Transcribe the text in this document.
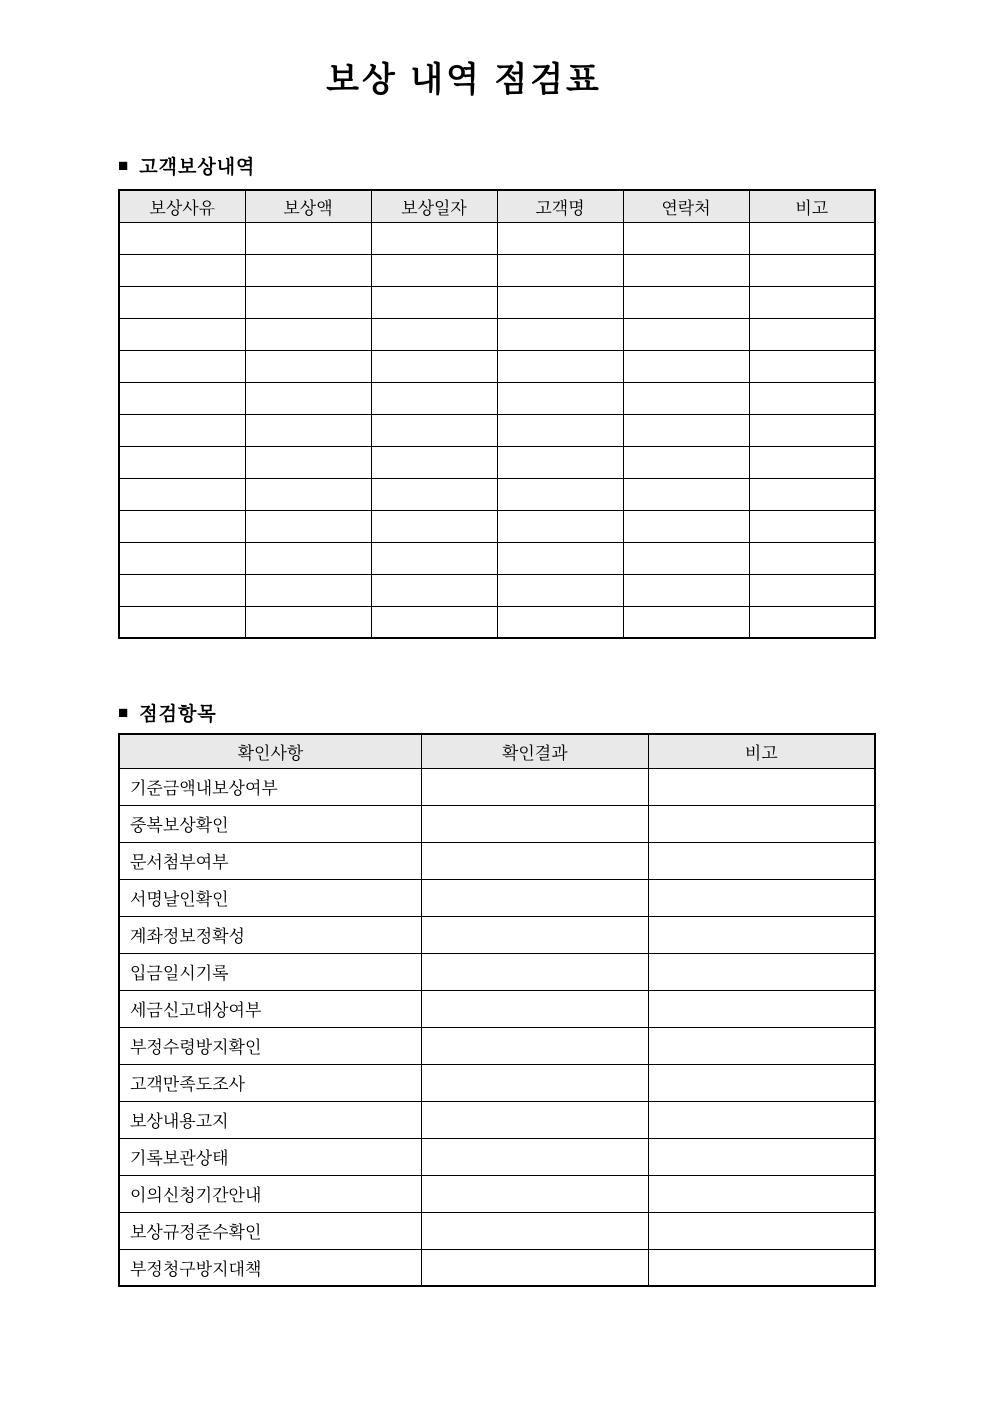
보상 내역 점검표
■ 고객보상내역
보상사유	보상액	보상일자	고객명	연락처	비고

■ 점검항목
확인사항	확인결과	비고
기준금액내보상여부		
중복보상확인		
문서첨부여부		
서명날인확인		
계좌정보정확성		
입금일시기록		
세금신고대상여부		
부정수령방지확인		
고객만족도조사		
보상내용고지		
기록보관상태		
이의신청기간안내		
보상규정준수확인		
부정청구방지대책		
